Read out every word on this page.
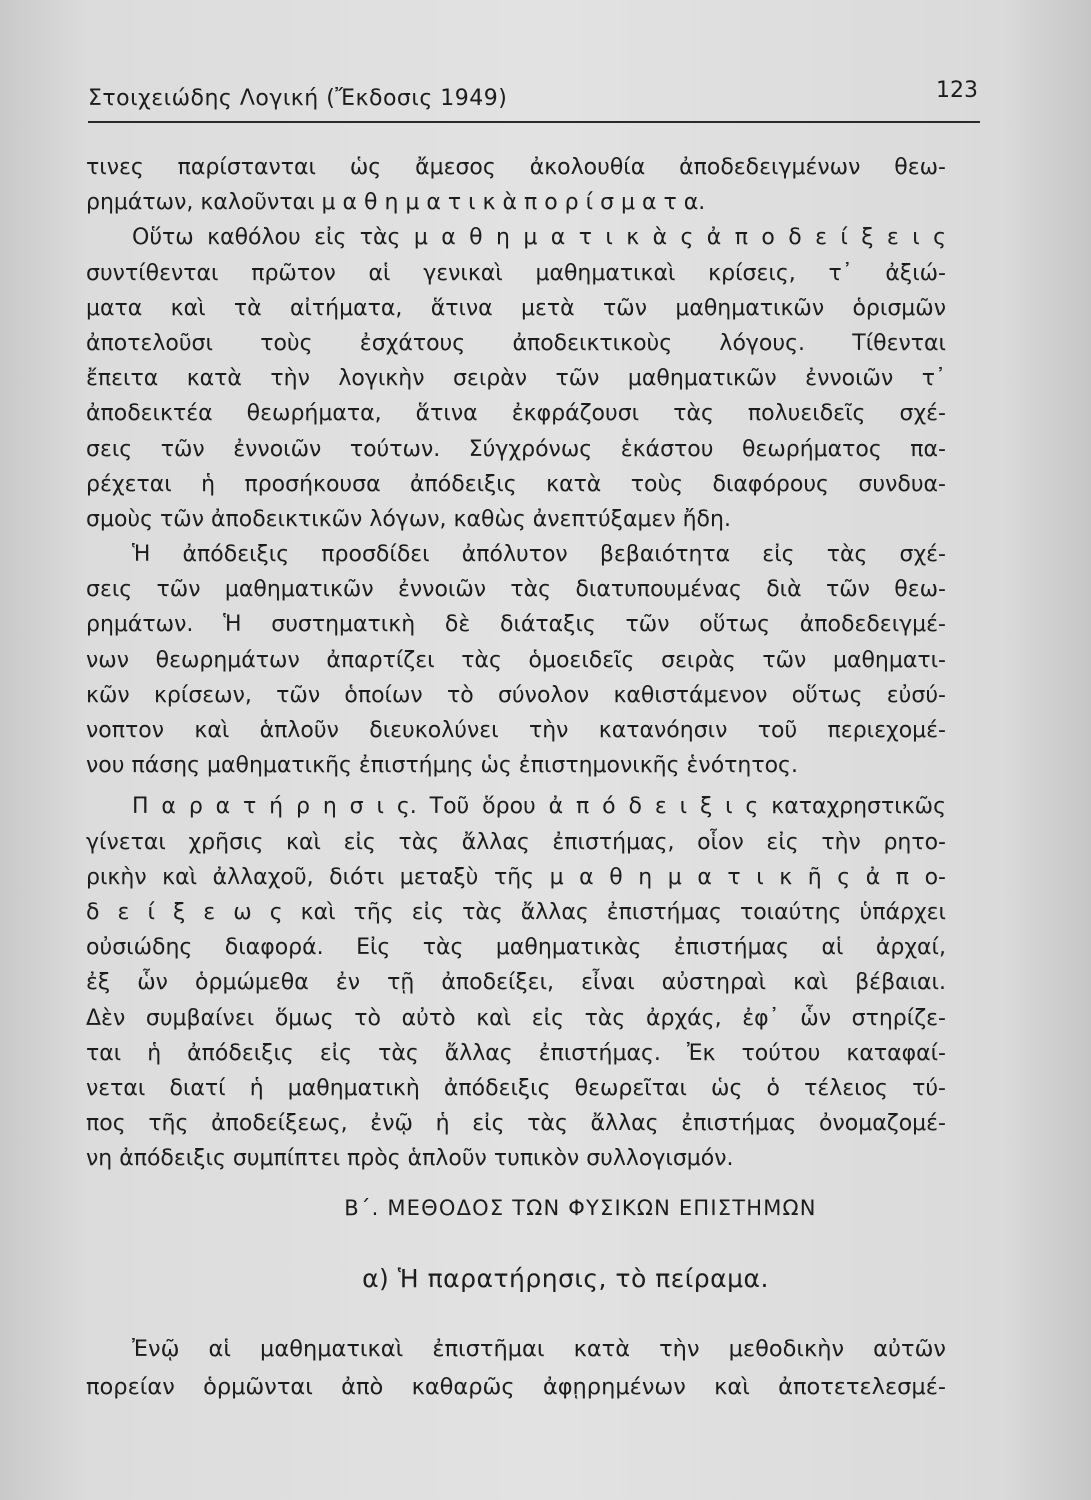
Στοιχειώδης Λογική (Ἔκδοσις 1949)	123
τινες παρίστανται ὡς ἄμεσος ἀκολουθία ἀποδεδειγμένων θεω-
ρημάτων, καλοῦνται μ α θ η μ α τ ι κ ὰ π ο ρ ί σ μ α τ α.
Οὕτω καθόλου εἰς τὰς μ α θ η μ α τ ι κ ὰ ς ἀ π ο δ ε ί ξ ε ι ς
συντίθενται πρῶτον αἱ γενικαὶ μαθηματικαὶ κρίσεις, τ᾽ ἀξιώ-
ματα καὶ τὰ αἰτήματα, ἅτινα μετὰ τῶν μαθηματικῶν ὁρισμῶν
ἀποτελοῦσι τοὺς ἐσχάτους ἀποδεικτικοὺς λόγους. Τίθενται
ἔπειτα κατὰ τὴν λογικὴν σειρὰν τῶν μαθηματικῶν ἐννοιῶν τ᾽
ἀποδεικτέα θεωρήματα, ἅτινα ἐκφράζουσι τὰς πολυειδεῖς σχέ-
σεις τῶν ἐννοιῶν τούτων. Σύγχρόνως ἑκάστου θεωρήματος πα-
ρέχεται ἡ προσήκουσα ἀπόδειξις κατὰ τοὺς διαφόρους συνδυα-
σμοὺς τῶν ἀποδεικτικῶν λόγων, καθὼς ἀνεπτύξαμεν ἤδη.
Ἡ ἀπόδειξις προσδίδει ἀπόλυτον βεβαιότητα εἰς τὰς σχέ-
σεις τῶν μαθηματικῶν ἐννοιῶν τὰς διατυπουμένας διὰ τῶν θεω-
ρημάτων. Ἡ συστηματικὴ δὲ διάταξις τῶν οὕτως ἀποδεδειγμέ-
νων θεωρημάτων ἀπαρτίζει τὰς ὁμοειδεῖς σειρὰς τῶν μαθηματι-
κῶν κρίσεων, τῶν ὁποίων τὸ σύνολον καθιστάμενον οὕτως εὐσύ-
νοπτον καὶ ἁπλοῦν διευκολύνει τὴν κατανόησιν τοῦ περιεχομέ-
νου πάσης μαθηματικῆς ἐπιστήμης ὡς ἐπιστημονικῆς ἑνότητος.
Π α ρ α τ ή ρ η σ ι ς. Τοῦ ὅρου ἀ π ό δ ε ι ξ ι ς καταχρηστικῶς
γίνεται χρῆσις καὶ εἰς τὰς ἄλλας ἐπιστήμας, οἷον εἰς τὴν ρητο-
ρικὴν καὶ ἀλλαχοῦ, διότι μεταξὺ τῆς μ α θ η μ α τ ι κ ῆ ς ἀ π ο-
δ ε ί ξ ε ω ς καὶ τῆς εἰς τὰς ἄλλας ἐπιστήμας τοιαύτης ὑπάρχει
οὐσιώδης διαφορά. Εἰς τὰς μαθηματικὰς ἐπιστήμας αἱ ἀρχαί,
ἐξ ὧν ὁρμώμεθα ἐν τῇ ἀποδείξει, εἶναι αὐστηραὶ καὶ βέβαιαι.
Δὲν συμβαίνει ὅμως τὸ αὐτὸ καὶ εἰς τὰς ἀρχάς, ἐφ᾽ ὧν στηρίζε-
ται ἡ ἀπόδειξις εἰς τὰς ἄλλας ἐπιστήμας. Ἐκ τούτου καταφαί-
νεται διατί ἡ μαθηματικὴ ἀπόδειξις θεωρεῖται ὡς ὁ τέλειος τύ-
πος τῆς ἀποδείξεως, ἐνῷ ἡ εἰς τὰς ἄλλας ἐπιστήμας ὀνομαζομέ-
νη ἀπόδειξις συμπίπτει πρὸς ἁπλοῦν τυπικὸν συλλογισμόν.
Β΄. ΜΕΘΟΔΟΣ ΤΩΝ ΦΥΣΙΚΩΝ ΕΠΙΣΤΗΜΩΝ
α) Ἡ παρατήρησις, τὸ πείραμα.
Ἐνῷ αἱ μαθηματικαὶ ἐπιστῆμαι κατὰ τὴν μεθοδικὴν αὐτῶν
πορείαν ὁρμῶνται ἀπὸ καθαρῶς ἀφῃρημένων καὶ ἀποτετελεσμέ-
